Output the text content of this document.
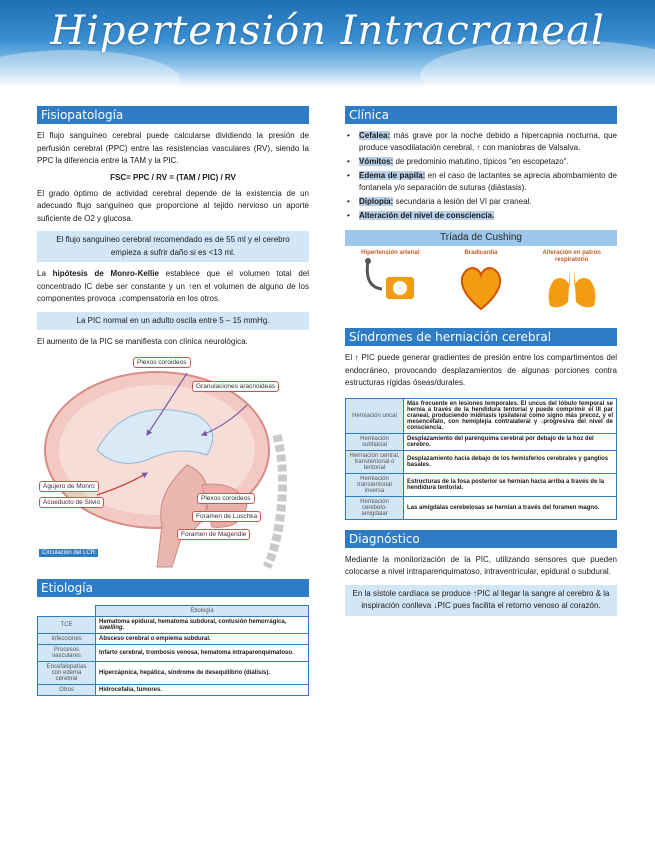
Hipertensión Intracraneal
Fisiopatología

El flujo sanguíneo cerebral puede calcularse dividiendo la presión de perfusión cerebral (PPC) entre las resistencias vasculares (RV), siendo la PPC la diferencia entre la TAM y la PIC.

FSC= PPC / RV = (TAM / PIC) / RV

El grado óptimo de actividad cerebral depende de la existencia de un adecuado flujo sanguíneo que proporcione al tejido nervioso un aporte suficiente de O2 y glucosa.

El flujo sanguíneo cerebral recomendado es de 55 ml y el cerebro empieza a sufrir daño si es <13 ml.

La hipótesis de Monro-Kellie establece que el volumen total del concentrado IC debe ser constante y un ↑en el volumen de alguno de los componentes provoca ↓compensatoria en los otros.

La PIC normal en un adulto oscila entre 5 – 15 mmHg.

El aumento de la PIC se manifiesta con clínica neurológica.

Plexos coroideos
Granulaciones aracnoideas
Agujero de Monro
Acueducto de Silvio
Plexos coroideos
Foramen de Luschka
Foramen de Magendie
Circulación del LCR
Etiología
	Etiología
TCE	Hematoma epidural, hematoma subdural, contusión hemorrágica, swelling.
Infecciones	Absceso cerebral o empiema subdural.
Procesos vasculares	Infarto cerebral, trombosis venosa, hematoma intraparenquimatoso.
Encefalopatías con edema cerebral	Hipercápnica, hepática, síndrome de desequilibrio (diálisis).
Otros	Hidrocefalia, tumores.
Clínica
• Cefalea: más grave por la noche debido a hipercapnia nocturna, que produce vasodilatación cerebral, ↑ con maniobras de Valsalva.
• Vómitos: de predominio matutino, típicos "en escopetazo".
• Edema de papila: en el caso de lactantes se aprecia abombamiento de fontanela y/o separación de suturas (diástasis).
• Diplopía: secundaria a lesión del VI par craneal.
• Alteración del nivel de consciencia.
Tríada de Cushing
Hipertensión arterial	Bradicardia	Alteración en patrón respiratorio
Síndromes de herniación cerebral

El ↑ PIC puede generar gradientes de presión entre los compartimentos del endocráneo, provocando desplazamientos de algunas porciones contra estructuras rígidas óseas/durales.

Herniación uncal	Más frecuente en lesiones temporales. El uncus del lóbulo temporal se hernia a través de la hendidura tentorial y puede comprimir el III par craneal, produciendo midriasis ipsilateral como signo más precoz, y el mesencéfalo, con hemiplejía contralateral y ↓progresiva del nivel de consciencia.
Herniación subfalcial	Desplazamiento del parénquima cerebral por debajo de la hoz del cerebro.
Herniación central, transtentorial o tentorial	Desplazamiento hacia debajo de los hemisferios cerebrales y ganglios basales.
Herniación transtentorial inversa	Estructuras de la fosa posterior se hernian hacia arriba a través de la hendidura tentorial.
Herniación cerebelo-amigdalar	Las amígdalas cerebelosas se hernian a través del foramen magno.
Diagnóstico

Mediante la monitorización de la PIC, utilizando sensores que pueden colocarse a nivel intraparenquimatoso, intraventricular, epidural o subdural.

En la sístole cardíaca se produce ↑PIC al llegar la sangre al cerebro & la inspiración conlleva ↓PIC pues facilita el retorno venoso al corazón.
